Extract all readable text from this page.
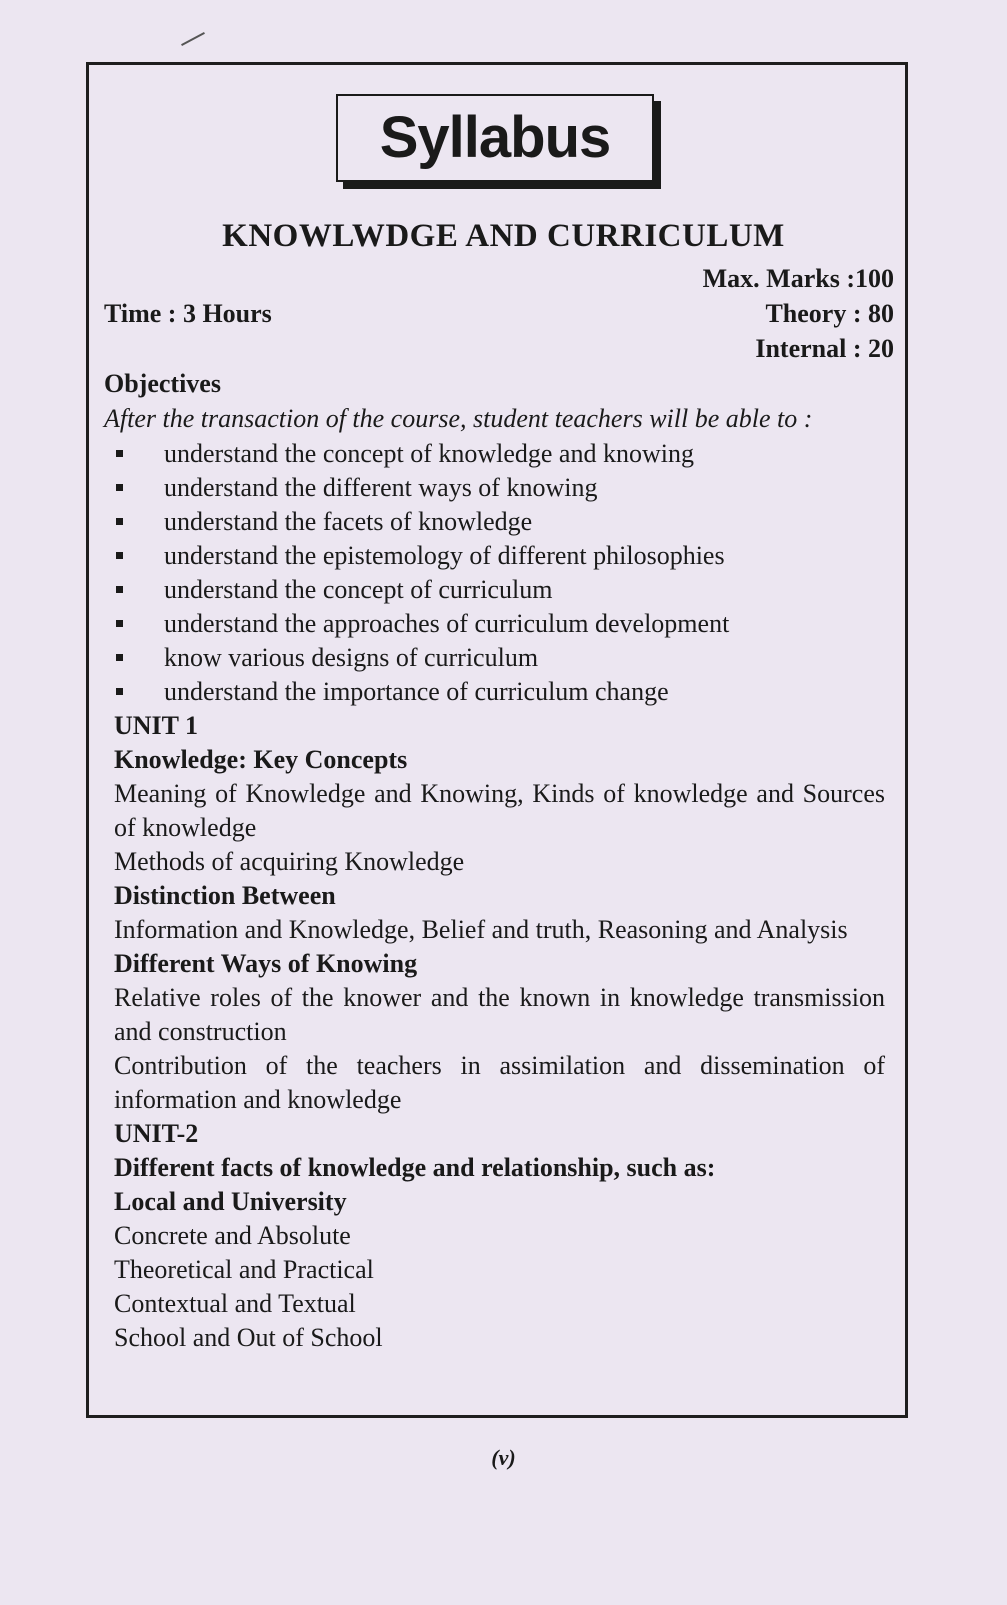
Syllabus
KNOWLWDGE AND CURRICULUM
Max. Marks :100
Time : 3 Hours	Theory : 80
Internal : 20
Objectives
After the transaction of the course, student teachers will be able to :
understand the concept of knowledge and knowing
understand the different ways of knowing
understand the facets of knowledge
understand the epistemology of different philosophies
understand the concept of curriculum
understand the approaches of curriculum development
know various designs of curriculum
understand the importance of curriculum change
UNIT 1
Knowledge: Key Concepts
Meaning of Knowledge and Knowing, Kinds of knowledge and Sources of knowledge
Methods of acquiring Knowledge
Distinction Between
Information and Knowledge, Belief and truth, Reasoning and Analysis
Different Ways of Knowing
Relative roles of the knower and the known in knowledge transmission and construction
Contribution of the teachers in assimilation and dissemination of information and knowledge
UNIT-2
Different facts of knowledge and relationship, such as:
Local and University
Concrete and Absolute
Theoretical and Practical
Contextual and Textual
School and Out of School
(v)
